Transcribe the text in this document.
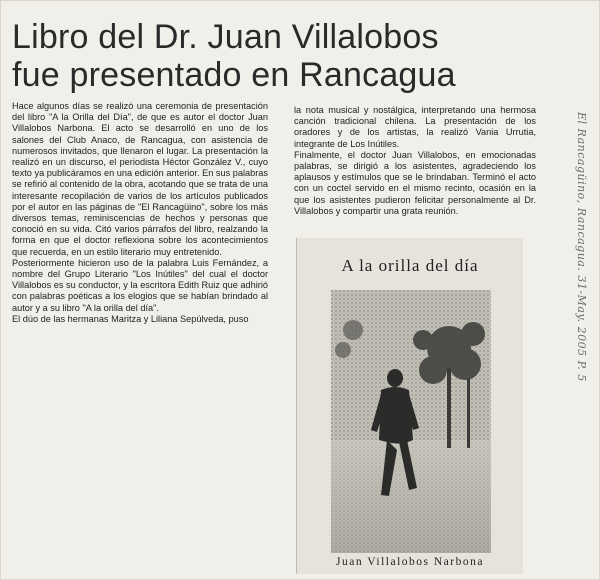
Libro del Dr. Juan Villalobos
fue presentado en Rancagua

Hace algunos días se realizó una ceremonia de presentación del libro "A la Orilla del Día", de que es autor el doctor Juan Villalobos Narbona. El acto se desarrolló en uno de los salones del Club Anaco, de Rancagua, con asistencia de numerosos invitados, que llenaron el lugar. La presentación la realizó en un discurso, el periodista Héctor González V., cuyo texto ya publicáramos en una edición anterior. En sus palabras se refirió al contenido de la obra, acotando que se trata de una interesante recopilación de varios de los artículos publicados por el autor en las páginas de "El Rancagüino", sobre los más diversos temas, reminiscencias de hechos y personas que conoció en su vida. Citó varios párrafos del libro, realzando la forma en que el doctor reflexiona sobre los acontecimientos que recuerda, en un estilo literario muy entretenido.

Posteriormente hicieron uso de la palabra Luis Fernández, a nombre del Grupo Literario "Los Inútiles" del cual el doctor Villalobos es su conductor, y la escritora Edith Ruiz que adhirió con palabras poéticas a los elogios que se habían brindado al autor y a su libro "A la orilla del día".

El dúo de las hermanas Maritza y Liliana Sepúlveda, puso

la nota musical y nostálgica, interpretando una hermosa canción tradicional chilena. La presentación de los oradores y de los artistas, la realizó Vania Urrutia, integrante de Los Inútiles.

Finalmente, el doctor Juan Villalobos, en emocionadas palabras, se dirigió a los asistentes, agradeciendo los aplausos y estímulos que se le brindaban. Terminó el acto con un coctel servido en el mismo recinto, ocasión en la que los asistentes pudieron felicitar personalmente al Dr. Villalobos y compartir una grata reunión.

A la orilla del día
Juan Villalobos Narbona
El Rancagüino, Rancagua. 31-May. 2005 P. 5
